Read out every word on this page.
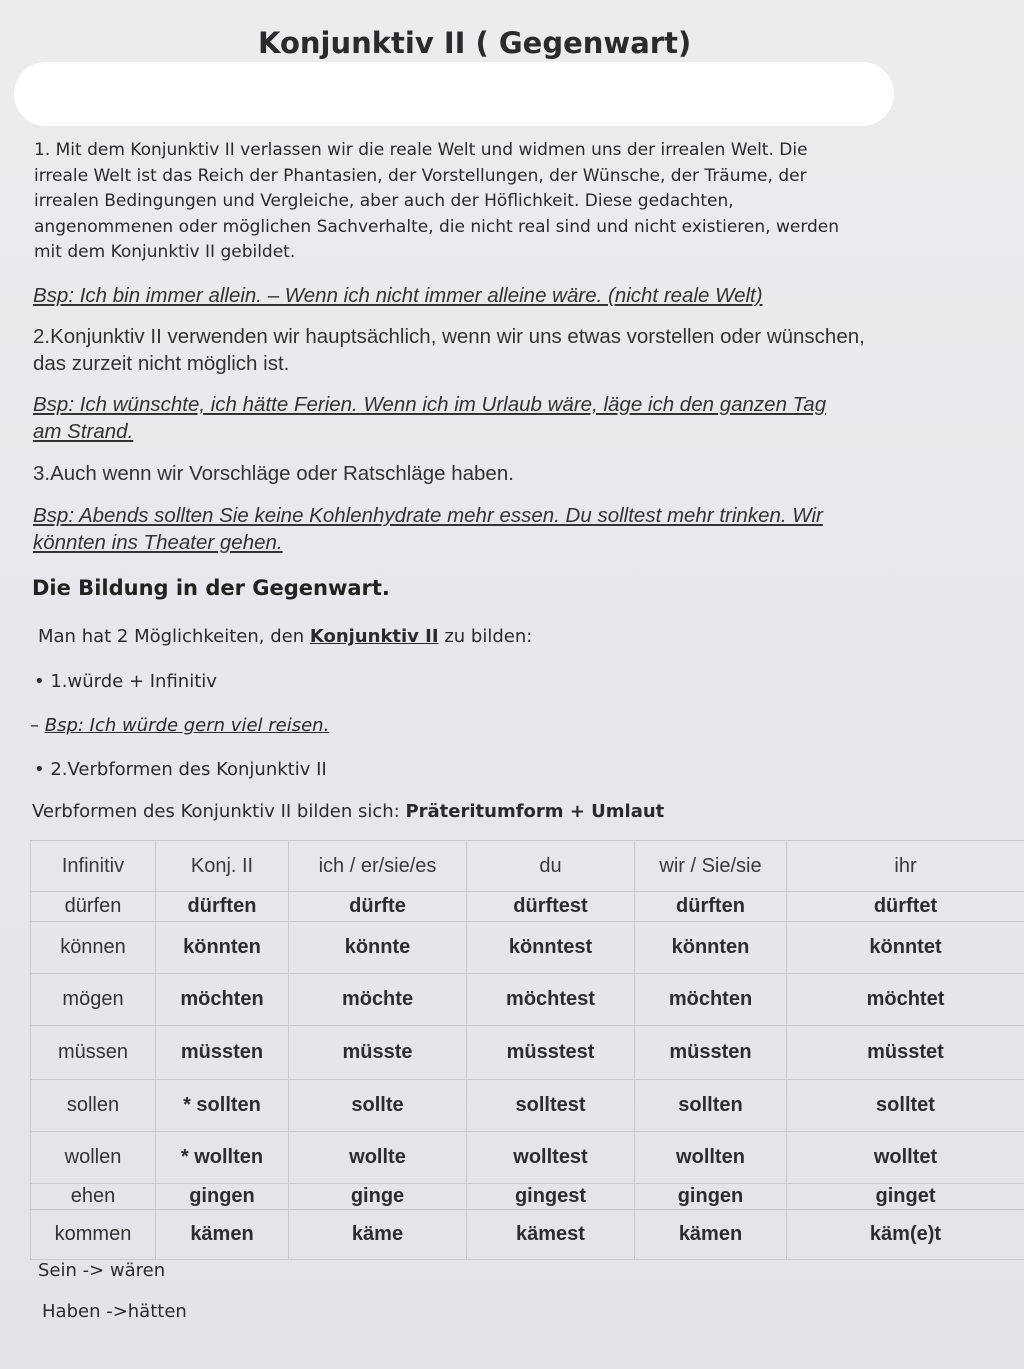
Konjunktiv II ( Gegenwart)
1. Mit dem Konjunktiv II verlassen wir die reale Welt und widmen uns der irrealen Welt. Die irreale Welt ist das Reich der Phantasien, der Vorstellungen, der Wünsche, der Träume, der irrealen Bedingungen und Vergleiche, aber auch der Höflichkeit. Diese gedachten, angenommenen oder möglichen Sachverhalte, die nicht real sind und nicht existieren, werden mit dem Konjunktiv II gebildet.
Bsp: Ich bin immer allein. – Wenn ich nicht immer alleine wäre. (nicht reale Welt)
2.Konjunktiv II verwenden wir hauptsächlich, wenn wir uns etwas vorstellen oder wünschen, das zurzeit nicht möglich ist.
Bsp: Ich wünschte, ich hätte Ferien. Wenn ich im Urlaub wäre, läge ich den ganzen Tag am Strand.
3.Auch wenn wir Vorschläge oder Ratschläge haben.
Bsp: Abends sollten Sie keine Kohlenhydrate mehr essen. Du solltest mehr trinken. Wir könnten ins Theater gehen.
Die Bildung in der Gegenwart.
Man hat 2 Möglichkeiten, den Konjunktiv II zu bilden:
• 1.würde + Infinitiv
– Bsp: Ich würde gern viel reisen.
• 2.Verbformen des Konjunktiv II
Verbformen des Konjunktiv II bilden sich: Präteritumform + Umlaut
Infinitiv	Konj. II	ich / er/sie/es	du	wir / Sie/sie	ihr
dürfen	dürften	dürfte	dürftest	dürften	dürftet
können	könnten	könnte	könntest	könnten	könntet
mögen	möchten	möchte	möchtest	möchten	möchtet
müssen	müssten	müsste	müsstest	müssten	müsstet
sollen	* sollten	sollte	solltest	sollten	solltet
wollen	* wollten	wollte	wolltest	wollten	wolltet
ehen	gingen	ginge	gingest	gingen	ginget
kommen	kämen	käme	kämest	kämen	käm(e)t
Sein -> wären
Haben ->hätten
